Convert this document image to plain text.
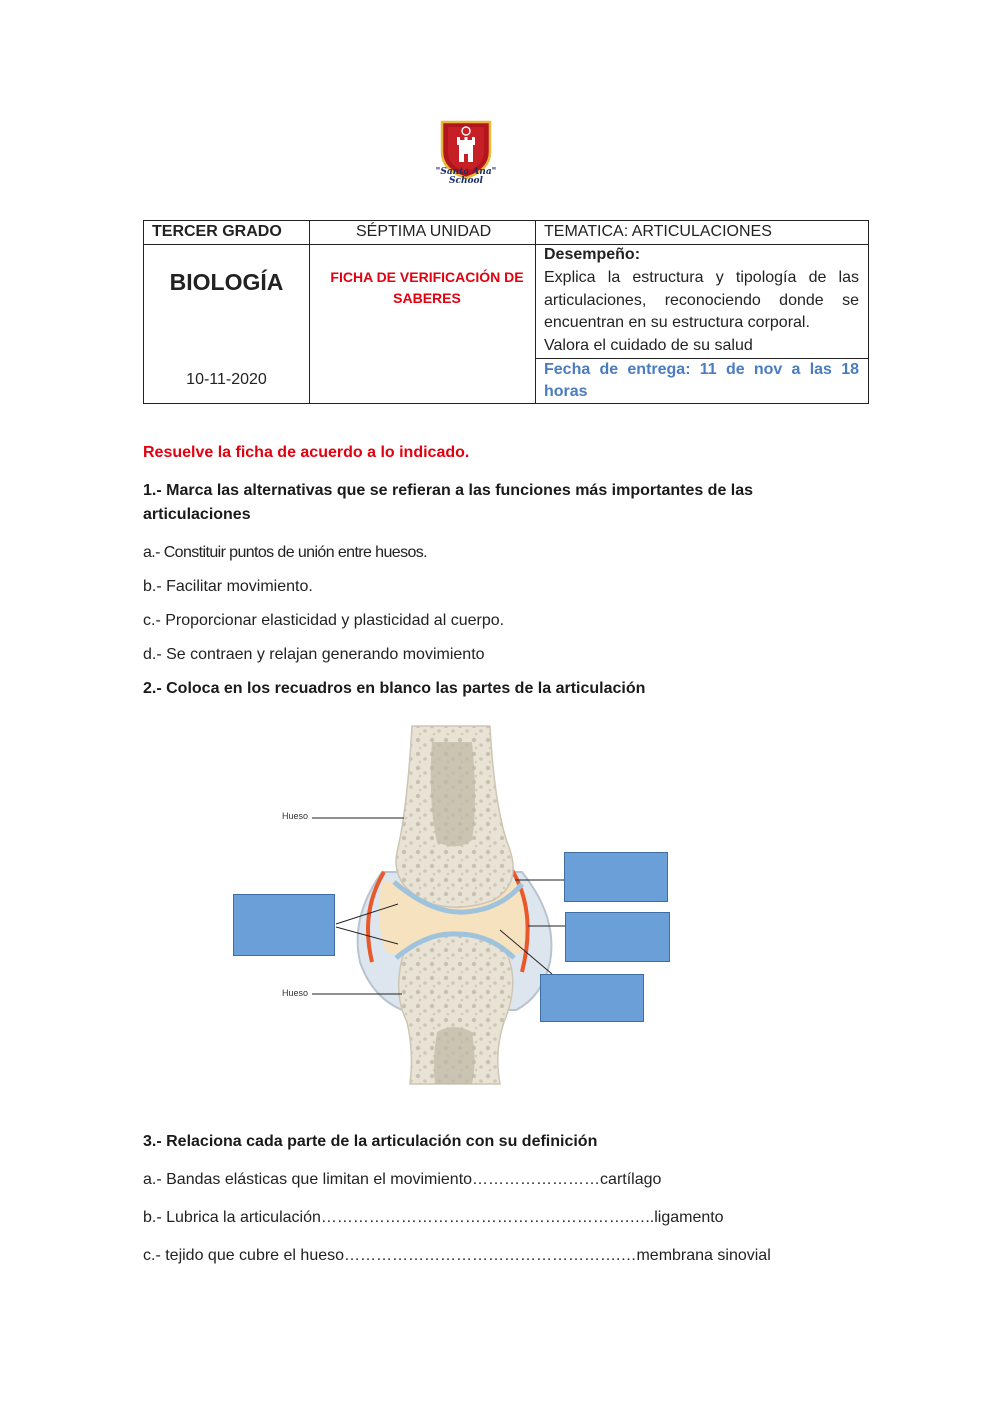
"Santa Ana"
School
TERCER GRADO	SÉPTIMA UNIDAD	TEMATICA: ARTICULACIONES
BIOLOGÍA
10-11-2020
FICHA DE VERIFICACIÓN DE SABERES
Desempeño:
Explica la estructura y tipología de las articulaciones, reconociendo donde se encuentran en su estructura corporal.
Valora el cuidado de su salud
Fecha de entrega: 11 de nov a las 18 horas
Resuelve la ficha de acuerdo a lo indicado.
1.- Marca las alternativas que se refieran a las funciones más importantes de las articulaciones
a.- Constituir puntos de unión entre huesos.
b.- Facilitar movimiento.
c.- Proporcionar elasticidad y plasticidad al cuerpo.
d.- Se contraen y relajan generando movimiento
2.- Coloca en los recuadros en blanco las partes de la articulación
Hueso
Hueso
3.- Relaciona cada parte de la articulación con su definición
a.- Bandas elásticas que limitan el movimiento……………………cartílago
b.- Lubrica la articulación………………………………………………….…..ligamento
c.- tejido que cubre el hueso…………………………………………….…membrana sinovial
